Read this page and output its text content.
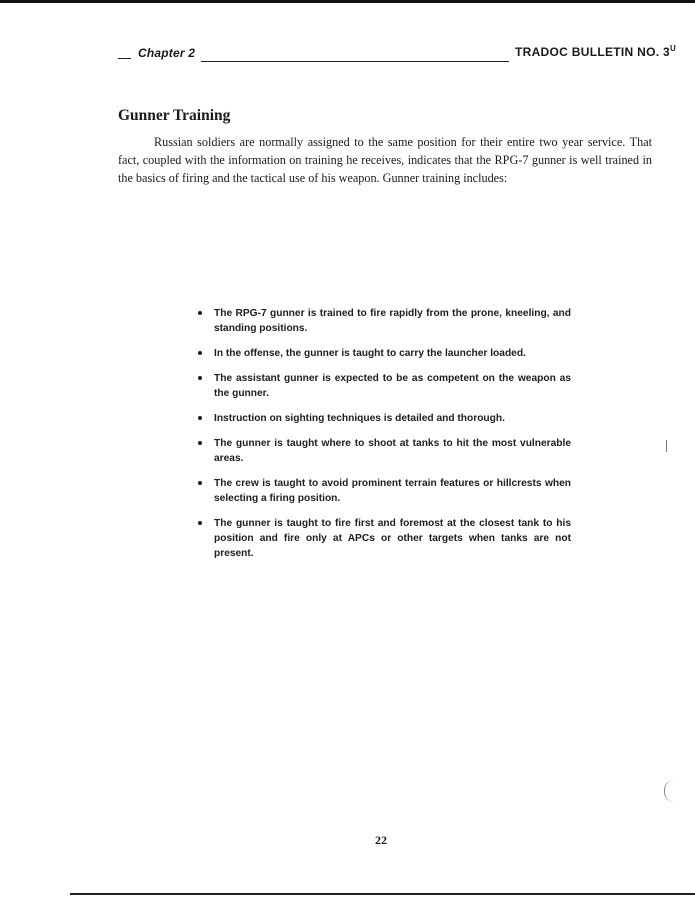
Chapter 2	TRADOC BULLETIN NO. $3^U$
Gunner Training

Russian soldiers are normally assigned to the same position for their entire two year service. That fact, coupled with the information on training he receives, indicates that the RPG-7 gunner is well trained in the basics of firing and the tactical use of his weapon. Gunner training includes:

The RPG-7 gunner is trained to fire rapidly from the prone, kneeling, and standing positions.
In the offense, the gunner is taught to carry the launcher loaded.
The assistant gunner is expected to be as competent on the weapon as the gunner.
Instruction on sighting techniques is detailed and thorough.
The gunner is taught where to shoot at tanks to hit the most vulnerable areas.
The crew is taught to avoid prominent terrain features or hillcrests when selecting a firing position.
The gunner is taught to fire first and foremost at the closest tank to his position and fire only at APCs or other targets when tanks are not present.
22
